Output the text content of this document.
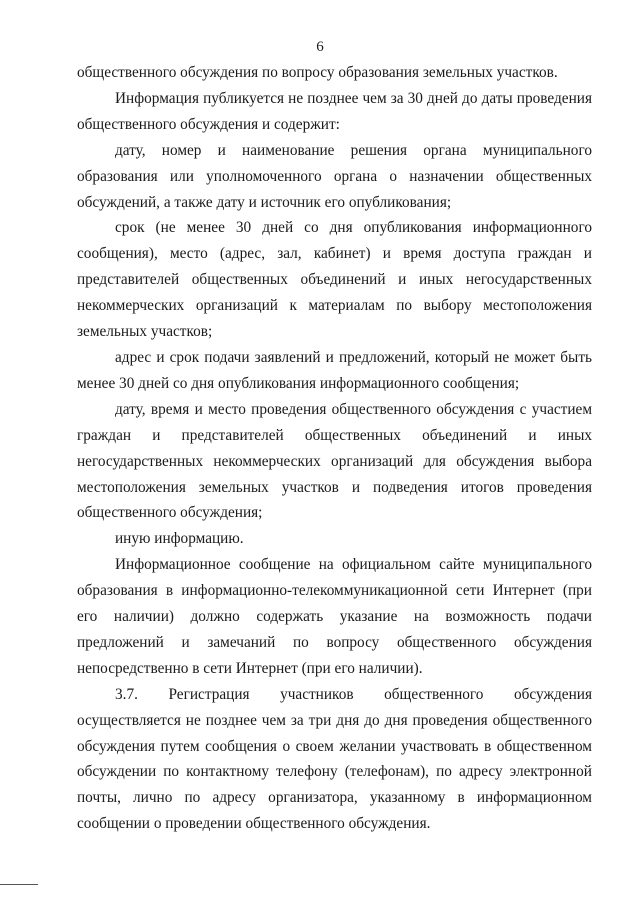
6

общественного обсуждения по вопросу образования земельных участков.

Информация публикуется не позднее чем за 30 дней до даты проведения общественного обсуждения и содержит:

дату, номер и наименование решения органа муниципального образования или уполномоченного органа о назначении общественных обсуждений, а также дату и источник его опубликования;

срок (не менее 30 дней со дня опубликования информационного сообщения), место (адрес, зал, кабинет) и время доступа граждан и представителей общественных объединений и иных негосударственных некоммерческих организаций к материалам по выбору местоположения земельных участков;

адрес и срок подачи заявлений и предложений, который не может быть менее 30 дней со дня опубликования информационного сообщения;

дату, время и место проведения общественного обсуждения с участием граждан и представителей общественных объединений и иных негосударственных некоммерческих организаций для обсуждения выбора местоположения земельных участков и подведения итогов проведения общественного обсуждения;

иную информацию.

Информационное сообщение на официальном сайте муниципального образования в информационно-телекоммуникационной сети Интернет (при его наличии) должно содержать указание на возможность подачи предложений и замечаний по вопросу общественного обсуждения непосредственно в сети Интернет (при его наличии).

3.7. Регистрация участников общественного обсуждения осуществляется не позднее чем за три дня до дня проведения общественного обсуждения путем сообщения о своем желании участвовать в общественном обсуждении по контактному телефону (телефонам), по адресу электронной почты, лично по адресу организатора, указанному в информационном сообщении о проведении общественного обсуждения.
